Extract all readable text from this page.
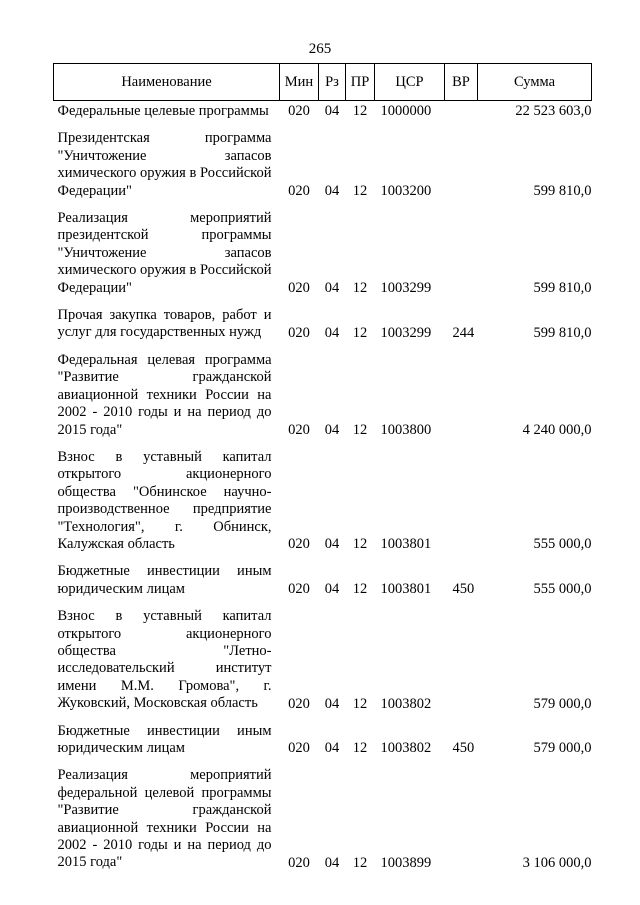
265
Наименование	Мин	Рз	ПР	ЦСР	ВР	Сумма
Федеральные целевые программы	020	04	12	1000000		22 523 603,0

Президентская программа "Уничтожение запасов химического оружия в Российской Федерации"	020	04	12	1003200		599 810,0

Реализация мероприятий президентской программы "Уничтожение запасов химического оружия в Российской Федерации"	020	04	12	1003299		599 810,0

Прочая закупка товаров, работ и услуг для государственных нужд	020	04	12	1003299	244	599 810,0

Федеральная целевая программа "Развитие гражданской авиационной техники России на 2002 - 2010 годы и на период до 2015 года"	020	04	12	1003800		4 240 000,0

Взнос в уставный капитал открытого акционерного общества "Обнинское научно-производственное предприятие "Технология", г. Обнинск, Калужская область	020	04	12	1003801		555 000,0

Бюджетные инвестиции иным юридическим лицам	020	04	12	1003801	450	555 000,0

Взнос в уставный капитал открытого акционерного общества "Летно-исследовательский институт имени М.М. Громова", г. Жуковский, Московская область	020	04	12	1003802		579 000,0

Бюджетные инвестиции иным юридическим лицам	020	04	12	1003802	450	579 000,0

Реализация мероприятий федеральной целевой программы "Развитие гражданской авиационной техники России на 2002 - 2010 годы и на период до 2015 года"	020	04	12	1003899		3 106 000,0
